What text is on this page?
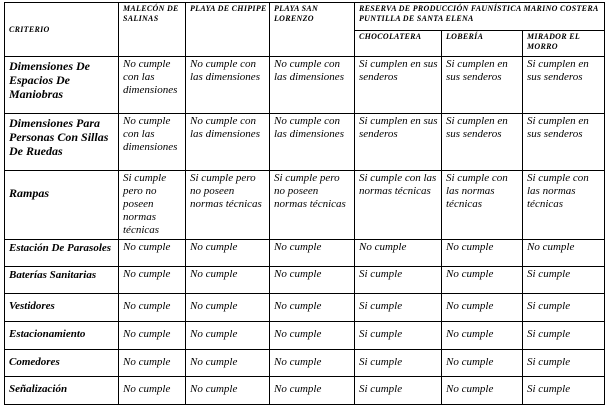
CRITERIO	MALECÓN DE SALINAS	PLAYA DE CHIPIPE	PLAYA SAN LORENZO	RESERVA DE PRODUCCIÓN FAUNÍSTICA MARINO COSTERA PUNTILLA DE SANTA ELENA		
				CHOCOLATERA	LOBERÍA	MIRADOR EL MORRO
Dimensiones De Espacios De Maniobras	No cumple con las dimensiones	No cumple con las dimensiones	No cumple con las dimensiones	Si cumplen en sus senderos	Si cumplen en sus senderos	Si cumplen en sus senderos
Dimensiones Para Personas Con Sillas De Ruedas	No cumple con las dimensiones	No cumple con las dimensiones	No cumple con las dimensiones	Si cumplen en sus senderos	Si cumplen en sus senderos	Si cumplen en sus senderos
Rampas	Si cumple pero no poseen normas técnicas	Si cumple pero no poseen normas técnicas	Si cumple pero no poseen normas técnicas	Si cumple con las normas técnicas	Si cumple con las normas técnicas	Si cumple con las normas técnicas
Estación De Parasoles	No cumple	No cumple	No cumple	No cumple	No cumple	No cumple
Baterías Sanitarias	No cumple	No cumple	No cumple	Si cumple	No cumple	Si cumple
Vestidores	No cumple	No cumple	No cumple	Si cumple	No cumple	Si cumple
Estacionamiento	No cumple	No cumple	No cumple	Si cumple	No cumple	Si cumple
Comedores	No cumple	No cumple	No cumple	Si cumple	No cumple	Si cumple
Señalización	No cumple	No cumple	No cumple	Si cumple	No cumple	Si cumple
